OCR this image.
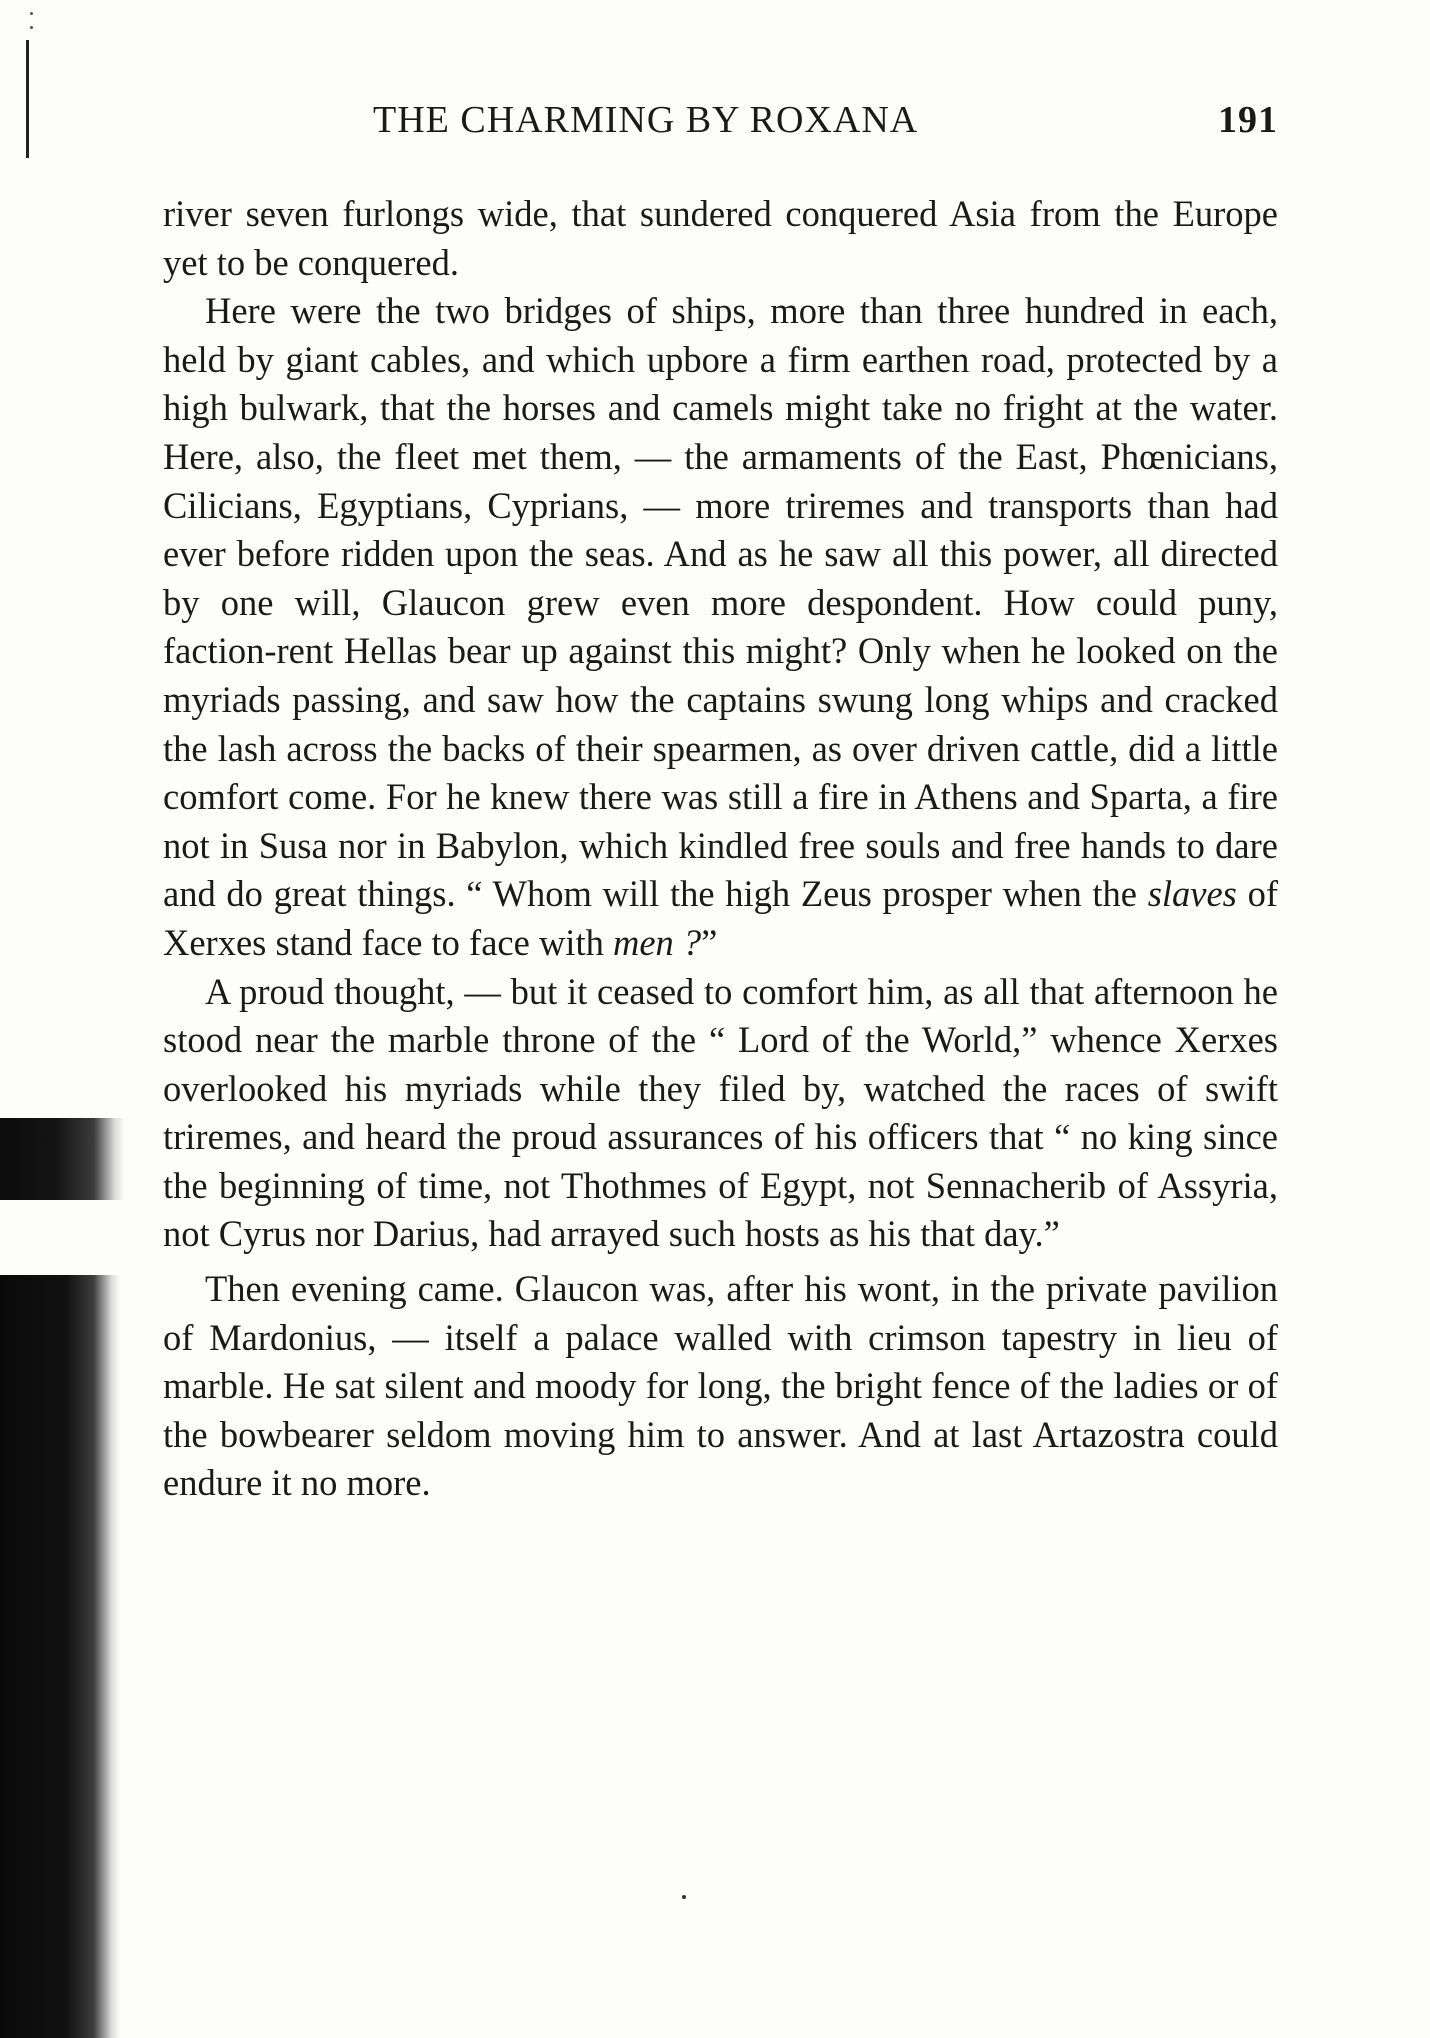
THE CHARMING BY ROXANA	191

river seven furlongs wide, that sundered conquered Asia from the Europe yet to be conquered.

Here were the two bridges of ships, more than three hundred in each, held by giant cables, and which upbore a firm earthen road, protected by a high bulwark, that the horses and camels might take no fright at the water. Here, also, the fleet met them, — the armaments of the East, Phœnicians, Cilicians, Egyptians, Cyprians, — more triremes and transports than had ever before ridden upon the seas. And as he saw all this power, all directed by one will, Glaucon grew even more despondent. How could puny, faction-rent Hellas bear up against this might? Only when he looked on the myriads passing, and saw how the captains swung long whips and cracked the lash across the backs of their spearmen, as over driven cattle, did a little comfort come. For he knew there was still a fire in Athens and Sparta, a fire not in Susa nor in Babylon, which kindled free souls and free hands to dare and do great things. “ Whom will the high Zeus prosper when the slaves of Xerxes stand face to face with men ?”

A proud thought, — but it ceased to comfort him, as all that afternoon he stood near the marble throne of the “ Lord of the World,” whence Xerxes overlooked his myriads while they filed by, watched the races of swift triremes, and heard the proud assurances of his officers that “ no king since the beginning of time, not Thothmes of Egypt, not Sennacherib of Assyria, not Cyrus nor Darius, had arrayed such hosts as his that day.”

Then evening came. Glaucon was, after his wont, in the private pavilion of Mardonius, — itself a palace walled with crimson tapestry in lieu of marble. He sat silent and moody for long, the bright fence of the ladies or of the bowbearer seldom moving him to answer. And at last Artazostra could endure it no more.
